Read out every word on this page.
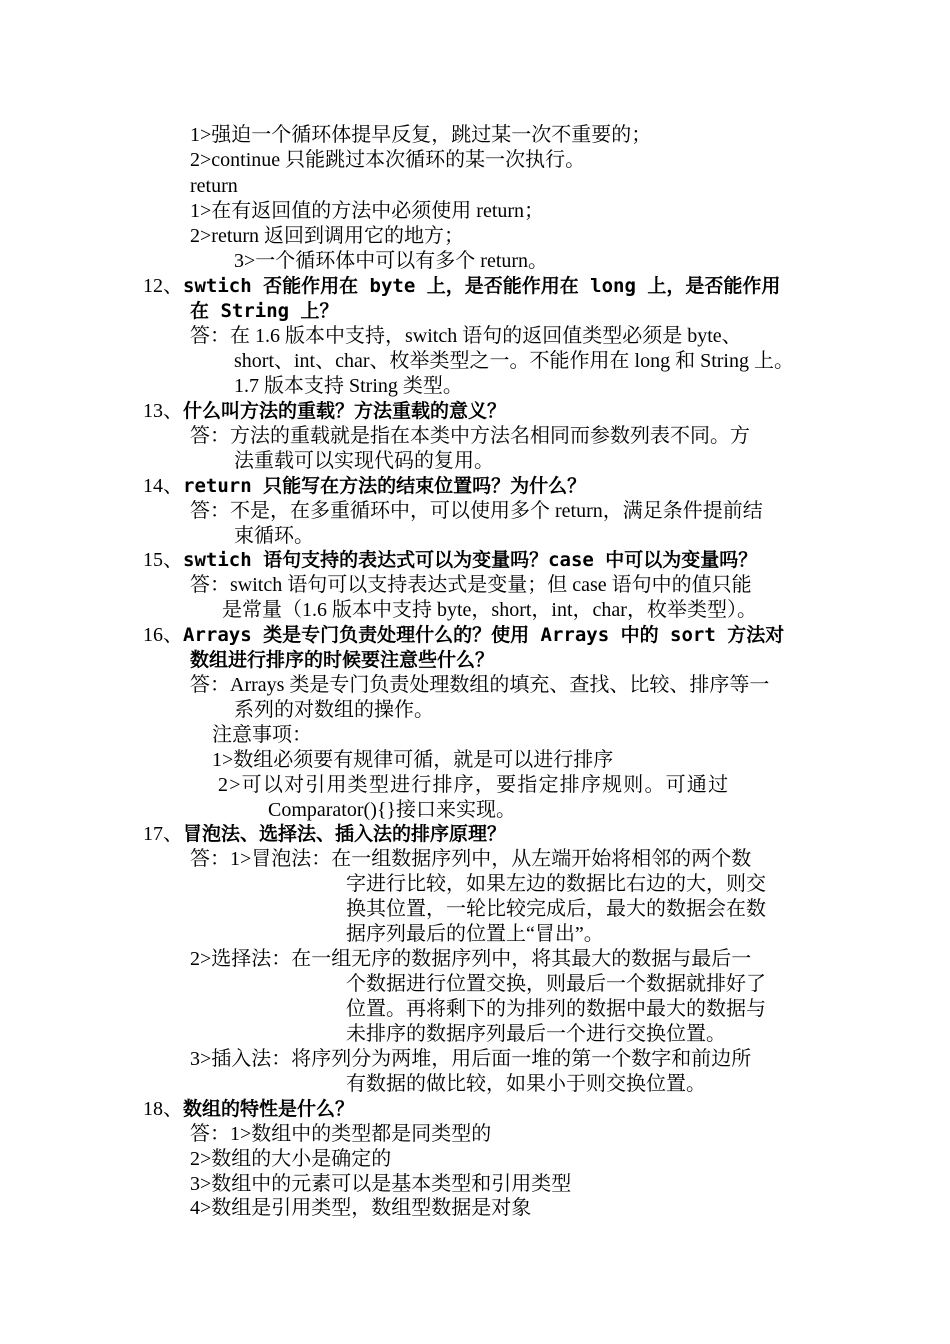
1>强迫一个循环体提早反复，跳过某一次不重要的；
2>continue 只能跳过本次循环的某一次执行。
return
1>在有返回值的方法中必须使用 return；
2>return 返回到调用它的地方；
3>一个循环体中可以有多个 return。
12、swtich 否能作用在 byte 上，是否能作用在 long 上，是否能作用
在 String 上？
答：在 1.6 版本中支持，switch 语句的返回值类型必须是 byte、
short、int、char、枚举类型之一。不能作用在 long 和 String 上。
1.7 版本支持 String 类型。
13、什么叫方法的重载？方法重载的意义？
答：方法的重载就是指在本类中方法名相同而参数列表不同。方
法重载可以实现代码的复用。
14、return 只能写在方法的结束位置吗？为什么？
答：不是，在多重循环中，可以使用多个 return，满足条件提前结
束循环。
15、swtich 语句支持的表达式可以为变量吗？case 中可以为变量吗？
答：switch 语句可以支持表达式是变量；但 case 语句中的值只能
是常量（1.6 版本中支持 byte，short，int，char，枚举类型）。
16、Arrays 类是专门负责处理什么的？使用 Arrays 中的 sort 方法对
数组进行排序的时候要注意些什么？
答：Arrays 类是专门负责处理数组的填充、查找、比较、排序等一
系列的对数组的操作。
注意事项：
1>数组必须要有规律可循，就是可以进行排序
2>可以对引用类型进行排序，要指定排序规则。可通过
Comparator(){}接口来实现。
17、冒泡法、选择法、插入法的排序原理？
答：1>冒泡法：在一组数据序列中，从左端开始将相邻的两个数
字进行比较，如果左边的数据比右边的大，则交
换其位置，一轮比较完成后，最大的数据会在数
据序列最后的位置上“冒出”。
2>选择法：在一组无序的数据序列中，将其最大的数据与最后一
个数据进行位置交换，则最后一个数据就排好了
位置。再将剩下的为排列的数据中最大的数据与
未排序的数据序列最后一个进行交换位置。
3>插入法：将序列分为两堆，用后面一堆的第一个数字和前边所
有数据的做比较，如果小于则交换位置。
18、数组的特性是什么？
答：1>数组中的类型都是同类型的
2>数组的大小是确定的
3>数组中的元素可以是基本类型和引用类型
4>数组是引用类型，数组型数据是对象
